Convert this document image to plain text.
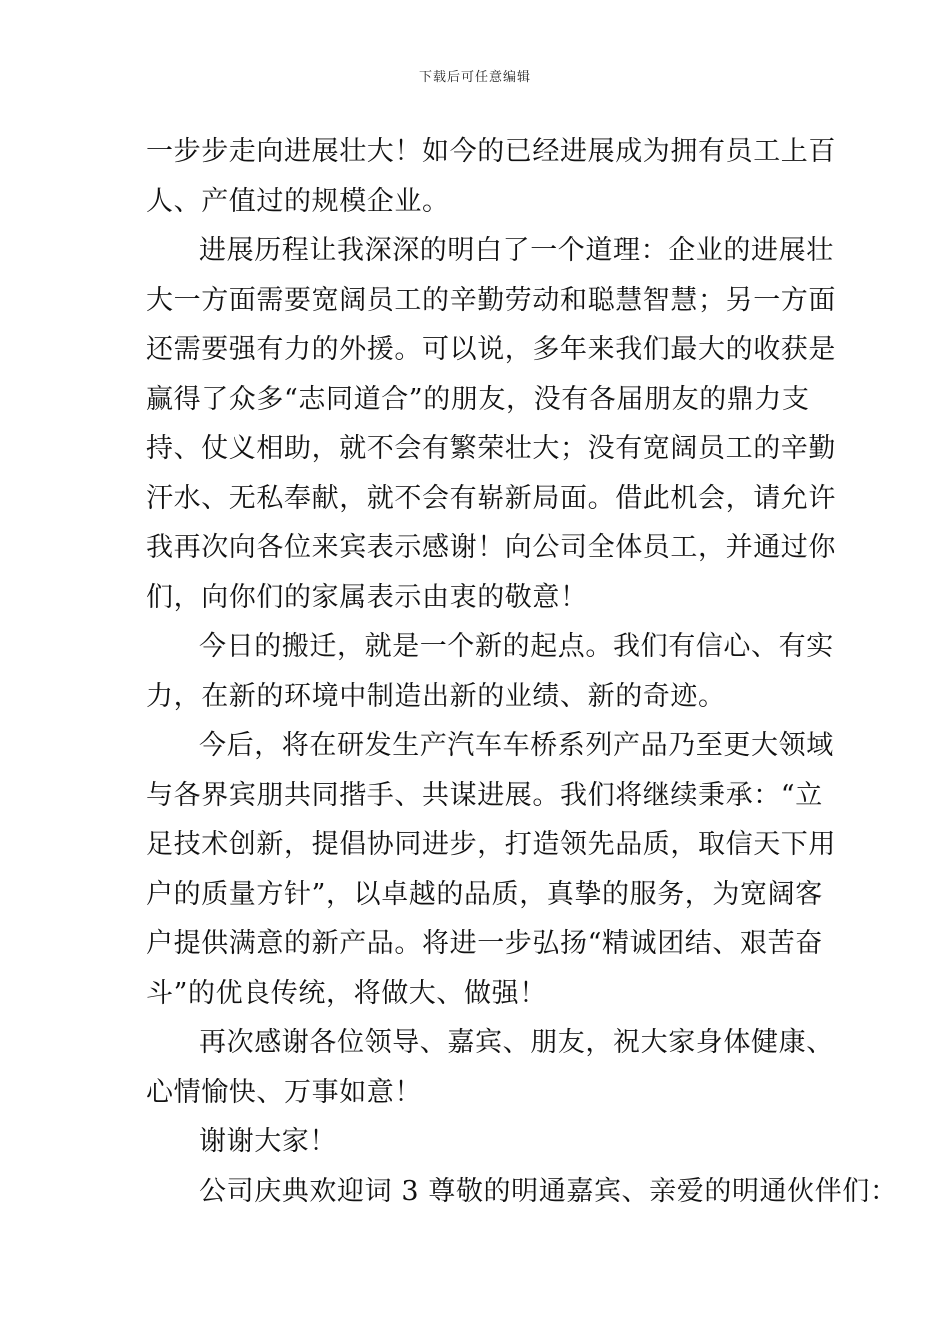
下载后可任意编辑
一步步走向进展壮大！如今的已经进展成为拥有员工上百
人、产值过的规模企业。
进展历程让我深深的明白了一个道理：企业的进展壮
大一方面需要宽阔员工的辛勤劳动和聪慧智慧；另一方面
还需要强有力的外援。可以说，多年来我们最大的收获是
赢得了众多“志同道合”的朋友，没有各届朋友的鼎力支
持、仗义相助，就不会有繁荣壮大；没有宽阔员工的辛勤
汗水、无私奉献，就不会有崭新局面。借此机会，请允许
我再次向各位来宾表示感谢！向公司全体员工，并通过你
们，向你们的家属表示由衷的敬意！
今日的搬迁，就是一个新的起点。我们有信心、有实
力，在新的环境中制造出新的业绩、新的奇迹。
今后，将在研发生产汽车车桥系列产品乃至更大领域
与各界宾朋共同揩手、共谋进展。我们将继续秉承：“立
足技术创新，提倡协同进步，打造领先品质，取信天下用
户的质量方针”，以卓越的品质，真挚的服务，为宽阔客
户提供满意的新产品。将进一步弘扬“精诚团结、艰苦奋
斗”的优良传统，将做大、做强！
再次感谢各位领导、嘉宾、朋友，祝大家身体健康、
心情愉快、万事如意！
谢谢大家！
公司庆典欢迎词 3 尊敬的明通嘉宾、亲爱的明通伙伴们：
